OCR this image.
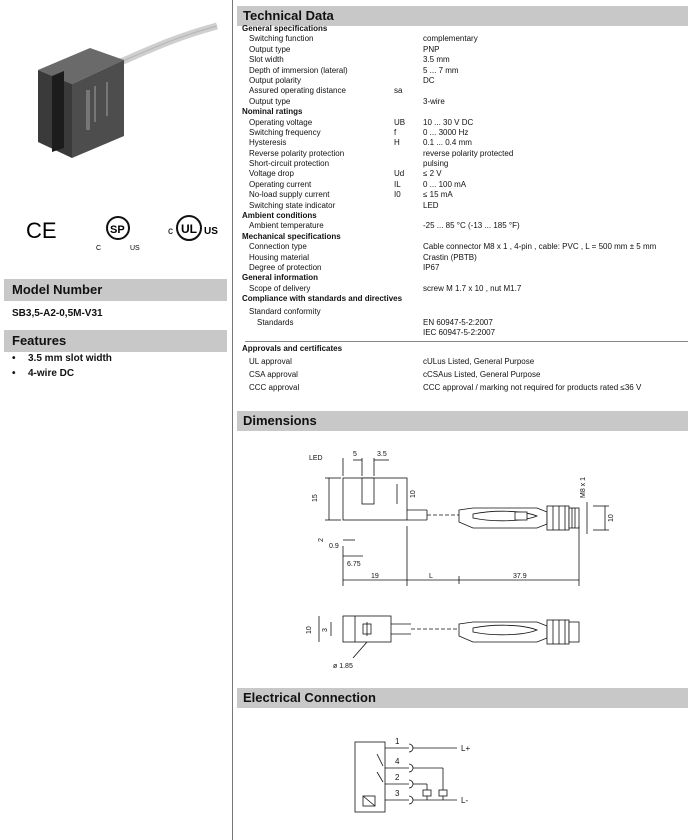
CE	SP
C	US
UL
c	US
Model Number
SB3,5-A2-0,5M-V31
Features
•	3.5 mm slot width
•	4-wire DC
Technical Data
General specifications
Switching function	complementary
Output type	PNP
Slot width	3.5 mm
Depth of immersion (lateral)	5 ... 7 mm
Output polarity	DC
Assured operating distance	sa
Output type	3-wire
Nominal ratings
Operating voltage	UB 10 ... 30 V DC
Switching frequency	f	0 ... 3000 Hz
Hysteresis	H	0.1 ... 0.4 mm
Reverse polarity protection	reverse polarity protected
Short-circuit protection	pulsing
Voltage drop	Ud ≤ 2 V
Operating current	IL	0 ... 100 mA
No-load supply current	I0	≤ 15 mA
Switching state indicator	LED
Ambient conditions
Ambient temperature	-25 ... 85 °C (-13 ... 185 °F)
Mechanical specifications
Connection type	Cable connector M8 x 1 , 4-pin , cable: PVC , L = 500 mm ± 5 mm
Housing material	Crastin (PBTB)
Degree of protection	IP67
General information
Scope of delivery	screw M 1.7 x 10 , nut M1.7
Compliance with standards and directives
Standard conformity
Standards	EN 60947-5-2:2007
IEC 60947-5-2:2007
Approvals and certificates
UL approval	cULus Listed, General Purpose
CSA approval	cCSAus Listed, General Purpose
CCC approval	CCC approval / marking not required for products rated ≤36 V
Dimensions
LED
5	3.5
15
10	M8 x 1
10
2
0.9
6.75
19	L	37.9
10 3
ø 1.85
Electrical Connection
1
4
2
3
L+
L-
